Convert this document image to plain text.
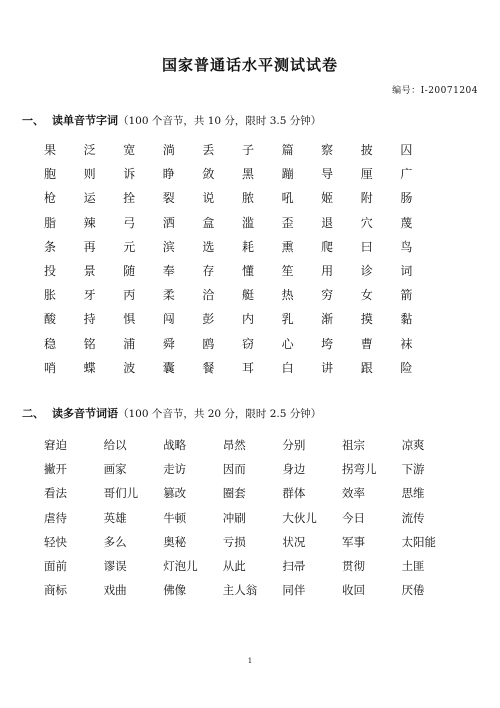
国家普通话水平测试试卷
编号：I-20071204
一、 读单音节字词（100 个音节，共 10 分，限时 3.5 分钟）
果	泛	宽	淌	丢	子	篇	察	披	囚
胞	则	诉	睁	敛	黑	蹦	导	厘	广
枪	运	拴	裂	说	脓	吼	姬	附	肠
脂	辣	弓	洒	盒	滥	歪	退	穴	蔑
条	再	元	滨	选	耗	熏	爬	曰	鸟
投	景	随	奉	存	懂	笙	用	诊	词
胀	牙	丙	柔	洽	艇	热	穷	女	箭
酸	持	惧	闯	彭	内	乳	渐	摸	黏
稳	铭	浦	舜	鸥	窃	心	垮	曹	袜
哨	蝶	波	囊	餐	耳	白	讲	跟	险
二、 读多音节词语（100 个音节，共 20 分，限时 2.5 分钟）
窘迫	给以	战略	昂然	分别	祖宗	凉爽
撇开	画家	走访	因而	身边	拐弯儿	下游
看法	哥们儿	篡改	圈套	群体	效率	思维
虐待	英雄	牛顿	冲刷	大伙儿	今日	流传
轻快	多么	奥秘	亏损	状况	军事	太阳能
面前	谬误	灯泡儿	从此	扫帚	贯彻	土匪
商标	戏曲	佛像	主人翁	同伴	收回	厌倦
1
